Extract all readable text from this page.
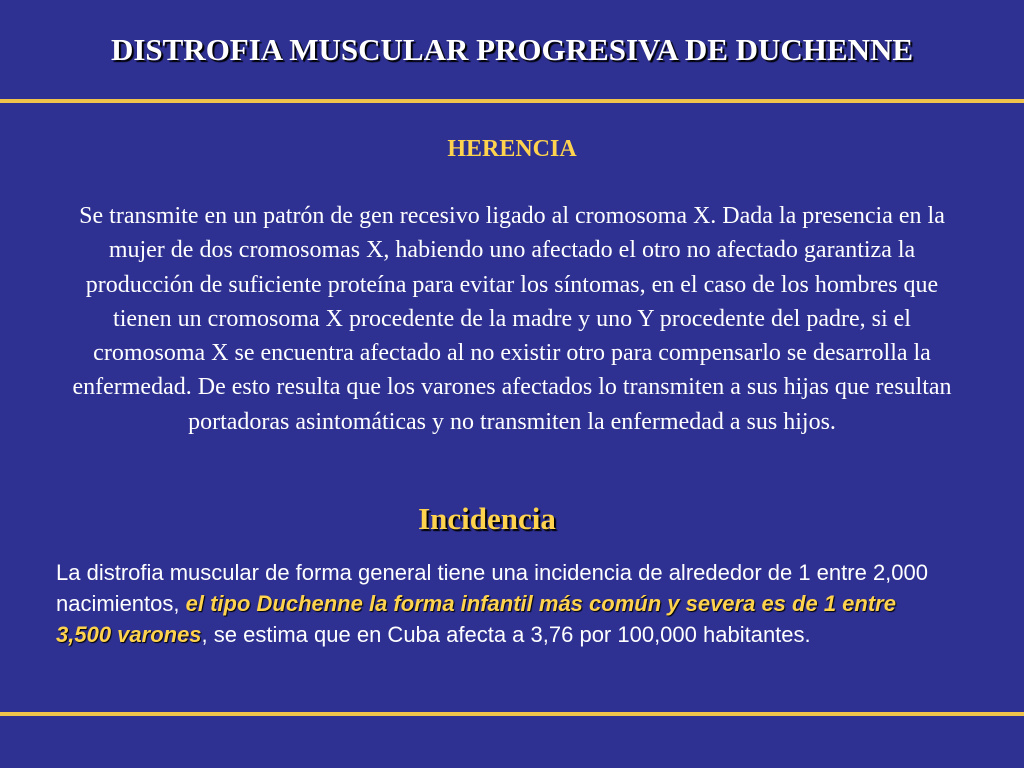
DISTROFIA MUSCULAR PROGRESIVA DE DUCHENNE
HERENCIA

Se transmite en un patrón de gen recesivo ligado al cromosoma X. Dada la presencia en la mujer de dos cromosomas X, habiendo uno afectado el otro no afectado garantiza la producción de suficiente proteína para evitar los síntomas, en el caso de los hombres que tienen un cromosoma X procedente de la madre y uno Y procedente del padre, si el cromosoma X se encuentra afectado al no existir otro para compensarlo se desarrolla la enfermedad. De esto resulta que los varones afectados lo transmiten a sus hijas que resultan portadoras asintomáticas y no transmiten la enfermedad a sus hijos.

Incidencia

La distrofia muscular de forma general tiene una incidencia de alrededor de 1 entre 2,000 nacimientos, el tipo Duchenne la forma infantil más común y severa es de 1 entre 3,500 varones, se estima que en Cuba afecta a 3,76 por 100,000 habitantes.
